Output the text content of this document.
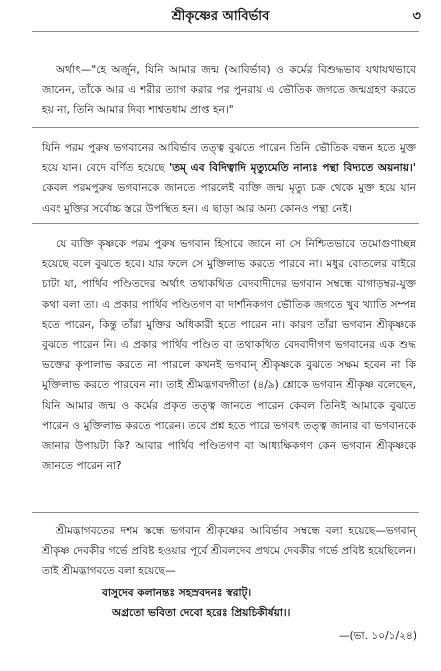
শ্রীকৃষ্ণের আবির্ভাব	৩
অর্থাৎ—"হে অর্জুন, যিনি আমার জন্ম (আবির্ভাব) ও কর্মের বিশুদ্ধভাব যথাযথভাবে জানেন, তাঁকে আর এ শরীর ত্যাগ করার পর পুনরায় এ ভৌতিক জগতে জন্মগ্রহণ করতে হয় না, তিনি আমার দিব্য শাশ্বতধাম প্রাপ্ত হন।"
যিনি পরম পুরুষ ভগবানের আবির্ভাব তত্ত্ব বুঝতে পারেন তিনি ভৌতিক বন্ধন হতে মুক্ত হয়ে যান। বেদে বর্ণিত হয়েছে 'তম্‌ এব বিদিত্বাদি মৃত্যুমেতি নান্যঃ পন্থা বিদ্যতে অয়নায়।' কেবল পরমপুরুষ ভগবানকে জানতে পারলেই ব্যক্তি জন্ম মৃত্যু চক্র থেকে মুক্ত হয়ে যান এবং মুক্তির সর্বোচ্চ স্তরে উপস্থিত হন। এ ছাড়া আর অন্য কোনও পন্থা নেই।
যে ব্যক্তি কৃষ্ণকে পরম পুরুষ ভগবান হিসাবে জানে না সে নিশ্চিতভাবে তমোগুণাচ্ছন্ন হয়েছে বলে বুঝতে হবে। যার ফলে সে মুক্তিলাভ করতে পারবে না। মধুর বোতলের বাইরে চাটা যা, পার্থিব পণ্ডিতদের অর্থাৎ তথাকথিত বেদবাদীদের ভগবান সম্বন্ধে বাগাড়ম্বর-যুক্ত কথা বলা তা। এ প্রকার পার্থিব পণ্ডিতগণ বা দার্শনিকগণ ভৌতিক জগতে খুব খ্যাতি সম্পন্ন হতে পারেন, কিন্তু তাঁরা মুক্তির অধিকারী হতে পারেন না। কারণ তাঁরা ভগবান শ্রীকৃষ্ণকে বুঝতে পারেন নি। এ প্রকার পার্থিব পণ্ডিত বা তথাকথিত বেদবাদীগণ ভগবানের এক শুদ্ধ ভক্তের কৃপালাভ করতে না পারলে কখনই ভগবান্‌ শ্রীকৃষ্ণকে বুঝতে সক্ষম হবেন না কি মুক্তিলাভ করতে পারবেন না। তাই শ্রীমদ্ভগবদ্গীতা (৪/৯) শ্লোকে ভগবান শ্রীকৃষ্ণ বলেছেন, যিনি আমার জন্ম ও কর্মের প্রকৃত তত্ত্ব জানতে পারেন কেবল তিনিই আমাকে বুঝতে পারেন ও মুক্তিলাভ করতে পারেন। তবে প্রশ্ন হতে পারে ভগবৎ তত্ত্ব জানার বা ভগবানকে জানার উপায়টা কি? আবার পার্থিব পণ্ডিতগণ বা আধ্যক্ষিকগণ কেন ভগবান শ্রীকৃষ্ণকে জানতে পারেন না?
শ্রীমদ্ভাগবতের দশম স্কন্ধে ভগবান শ্রীকৃষ্ণের আবির্ভাব সম্বন্ধে বলা হয়েছে—ভগবান্‌ শ্রীকৃষ্ণ দেবকীর গর্ভে প্রবিষ্ট হওয়ার পূর্বে শ্রীবলদেব প্রথমে দেবকীর গর্ভে প্রবিষ্ট হয়েছিলেন। তাই শ্রীমদ্ভাগবতে বলা হয়েছে—
বাসুদেব কলানন্তঃ সহস্রবদনঃ স্বরাট্‌।
অগ্রতো ভবিতা দেবো হরেঃ প্রিয়চিকীর্ষয়া।।
—(ভা. ১০/১/২৪)
